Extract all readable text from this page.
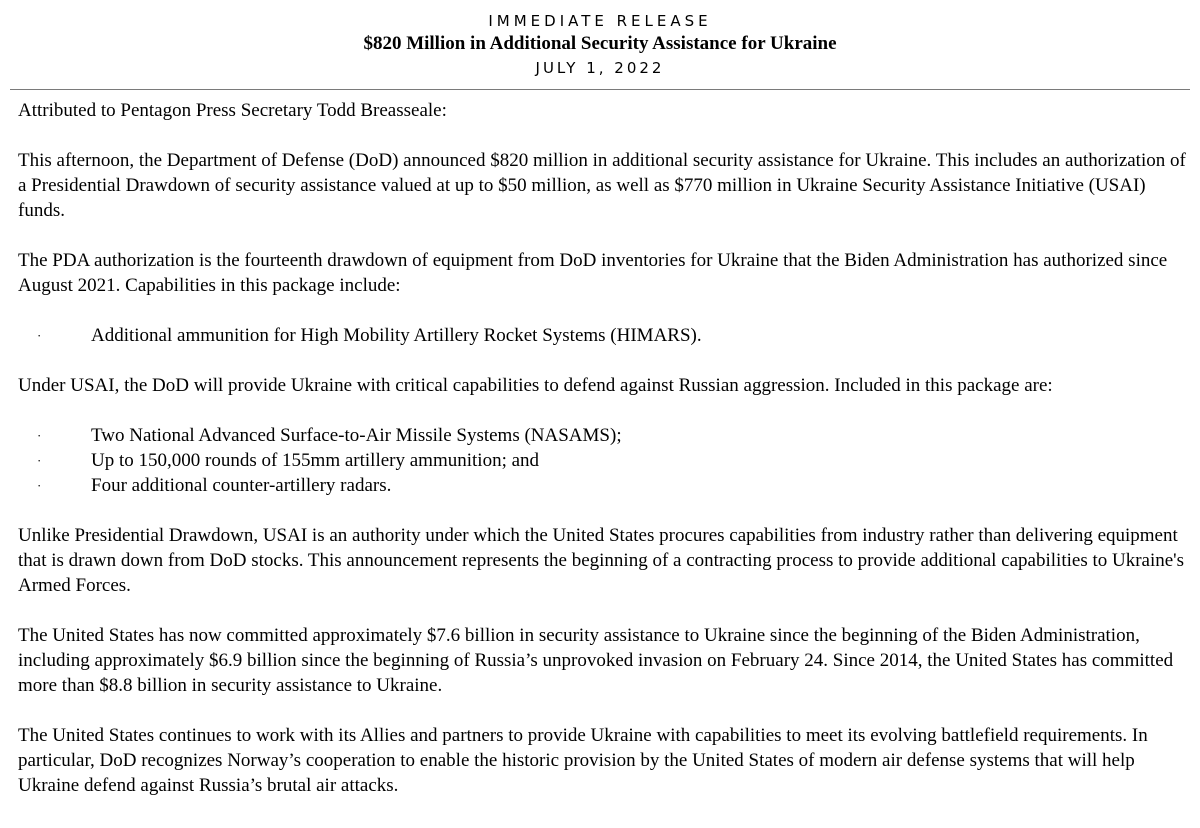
IMMEDIATE RELEASE
$820 Million in Additional Security Assistance for Ukraine
JULY 1, 2022

Attributed to Pentagon Press Secretary Todd Breasseale:

This afternoon, the Department of Defense (DoD) announced $820 million in additional security assistance for Ukraine. This includes an authorization of a Presidential Drawdown of security assistance valued at up to $50 million, as well as $770 million in Ukraine Security Assistance Initiative (USAI) funds.

The PDA authorization is the fourteenth drawdown of equipment from DoD inventories for Ukraine that the Biden Administration has authorized since August 2021. Capabilities in this package include:

·	Additional ammunition for High Mobility Artillery Rocket Systems (HIMARS).

Under USAI, the DoD will provide Ukraine with critical capabilities to defend against Russian aggression. Included in this package are:

·	Two National Advanced Surface-to-Air Missile Systems (NASAMS);
·	Up to 150,000 rounds of 155mm artillery ammunition; and
·	Four additional counter-artillery radars.

Unlike Presidential Drawdown, USAI is an authority under which the United States procures capabilities from industry rather than delivering equipment that is drawn down from DoD stocks. This announcement represents the beginning of a contracting process to provide additional capabilities to Ukraine's Armed Forces.

The United States has now committed approximately $7.6 billion in security assistance to Ukraine since the beginning of the Biden Administration, including approximately $6.9 billion since the beginning of Russia’s unprovoked invasion on February 24. Since 2014, the United States has committed more than $8.8 billion in security assistance to Ukraine.

The United States continues to work with its Allies and partners to provide Ukraine with capabilities to meet its evolving battlefield requirements. In particular, DoD recognizes Norway’s cooperation to enable the historic provision by the United States of modern air defense systems that will help Ukraine defend against Russia’s brutal air attacks.
